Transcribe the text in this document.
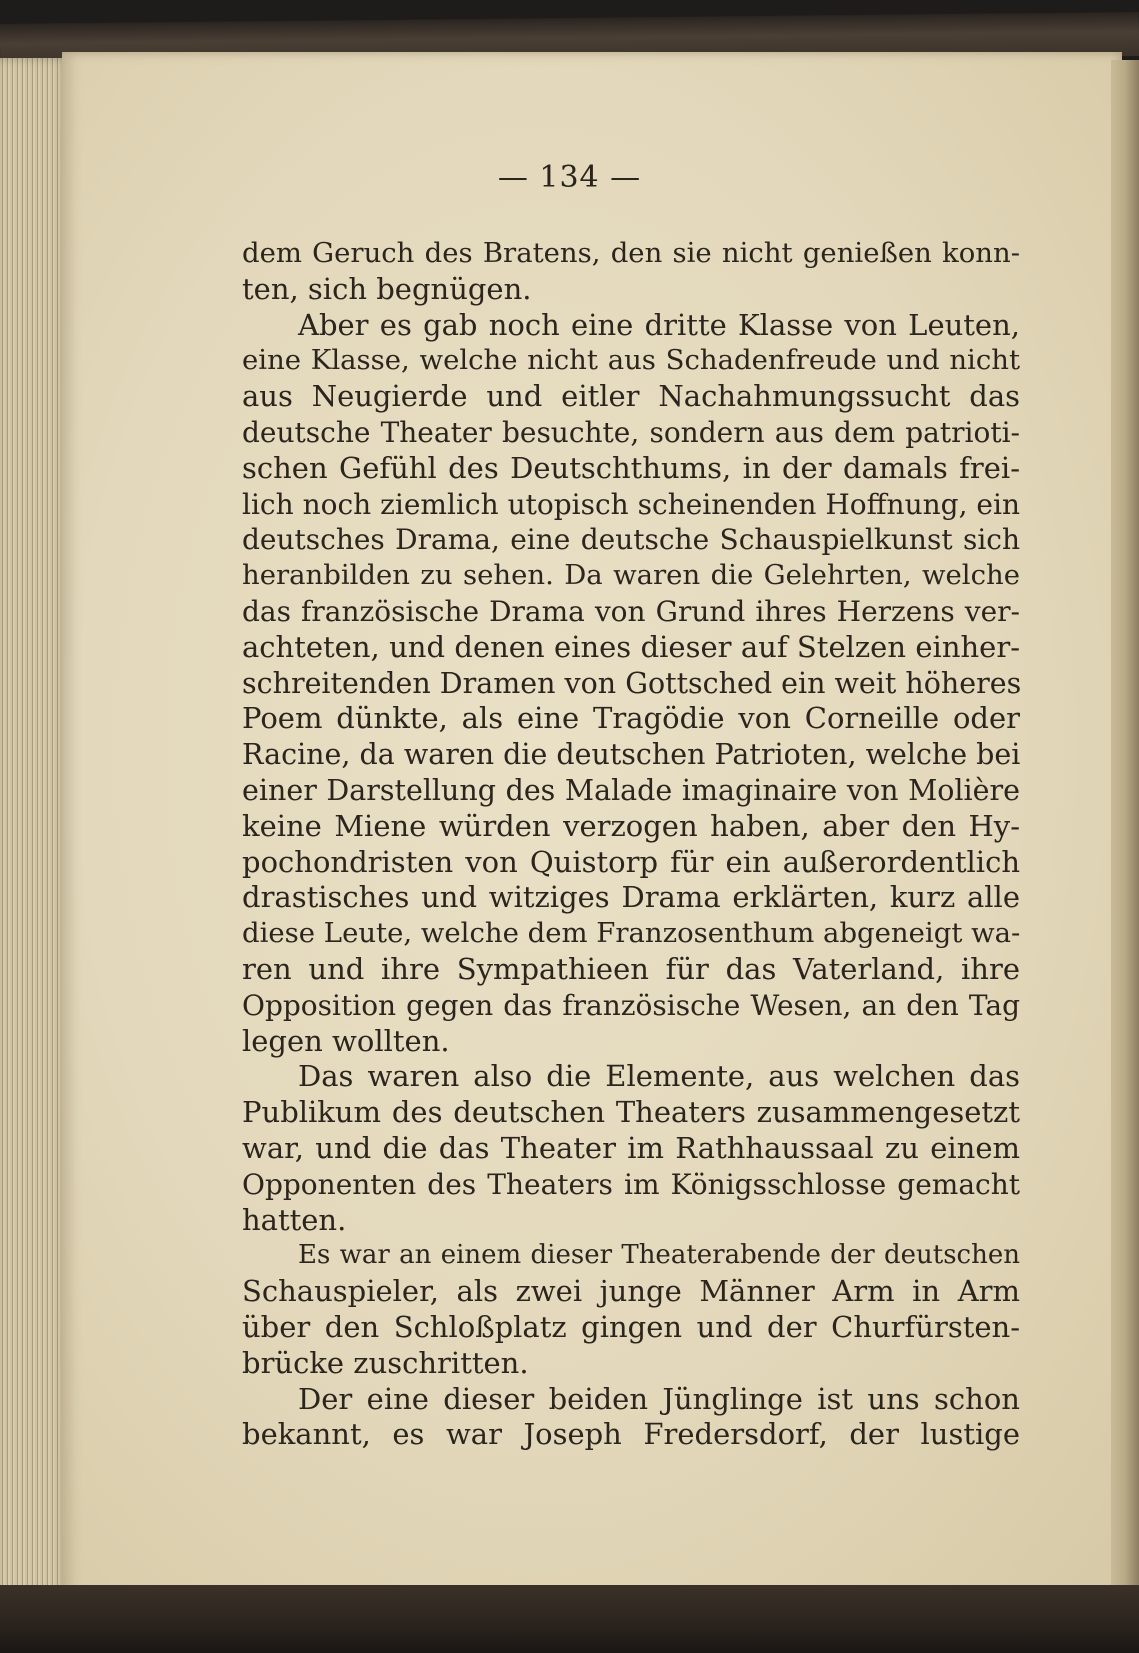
— 134 —
dem Geruch des Bratens, den sie nicht genießen konn-
ten, sich begnügen.
Aber es gab noch eine dritte Klasse von Leuten,
eine Klasse, welche nicht aus Schadenfreude und nicht
aus Neugierde und eitler Nachahmungssucht das
deutsche Theater besuchte, sondern aus dem patrioti-
schen Gefühl des Deutschthums, in der damals frei-
lich noch ziemlich utopisch scheinenden Hoffnung, ein
deutsches Drama, eine deutsche Schauspielkunst sich
heranbilden zu sehen. Da waren die Gelehrten, welche
das französische Drama von Grund ihres Herzens ver-
achteten, und denen eines dieser auf Stelzen einher-
schreitenden Dramen von Gottsched ein weit höheres
Poem dünkte, als eine Tragödie von Corneille oder
Racine, da waren die deutschen Patrioten, welche bei
einer Darstellung des Malade imaginaire von Molière
keine Miene würden verzogen haben, aber den Hy-
pochondristen von Quistorp für ein außerordentlich
drastisches und witziges Drama erklärten, kurz alle
diese Leute, welche dem Franzosenthum abgeneigt wa-
ren und ihre Sympathieen für das Vaterland, ihre
Opposition gegen das französische Wesen, an den Tag
legen wollten.
Das waren also die Elemente, aus welchen das
Publikum des deutschen Theaters zusammengesetzt
war, und die das Theater im Rathhaussaal zu einem
Opponenten des Theaters im Königsschlosse gemacht
hatten.
Es war an einem dieser Theaterabende der deutschen
Schauspieler, als zwei junge Männer Arm in Arm
über den Schloßplatz gingen und der Churfürsten-
brücke zuschritten.
Der eine dieser beiden Jünglinge ist uns schon
bekannt, es war Joseph Fredersdorf, der lustige
